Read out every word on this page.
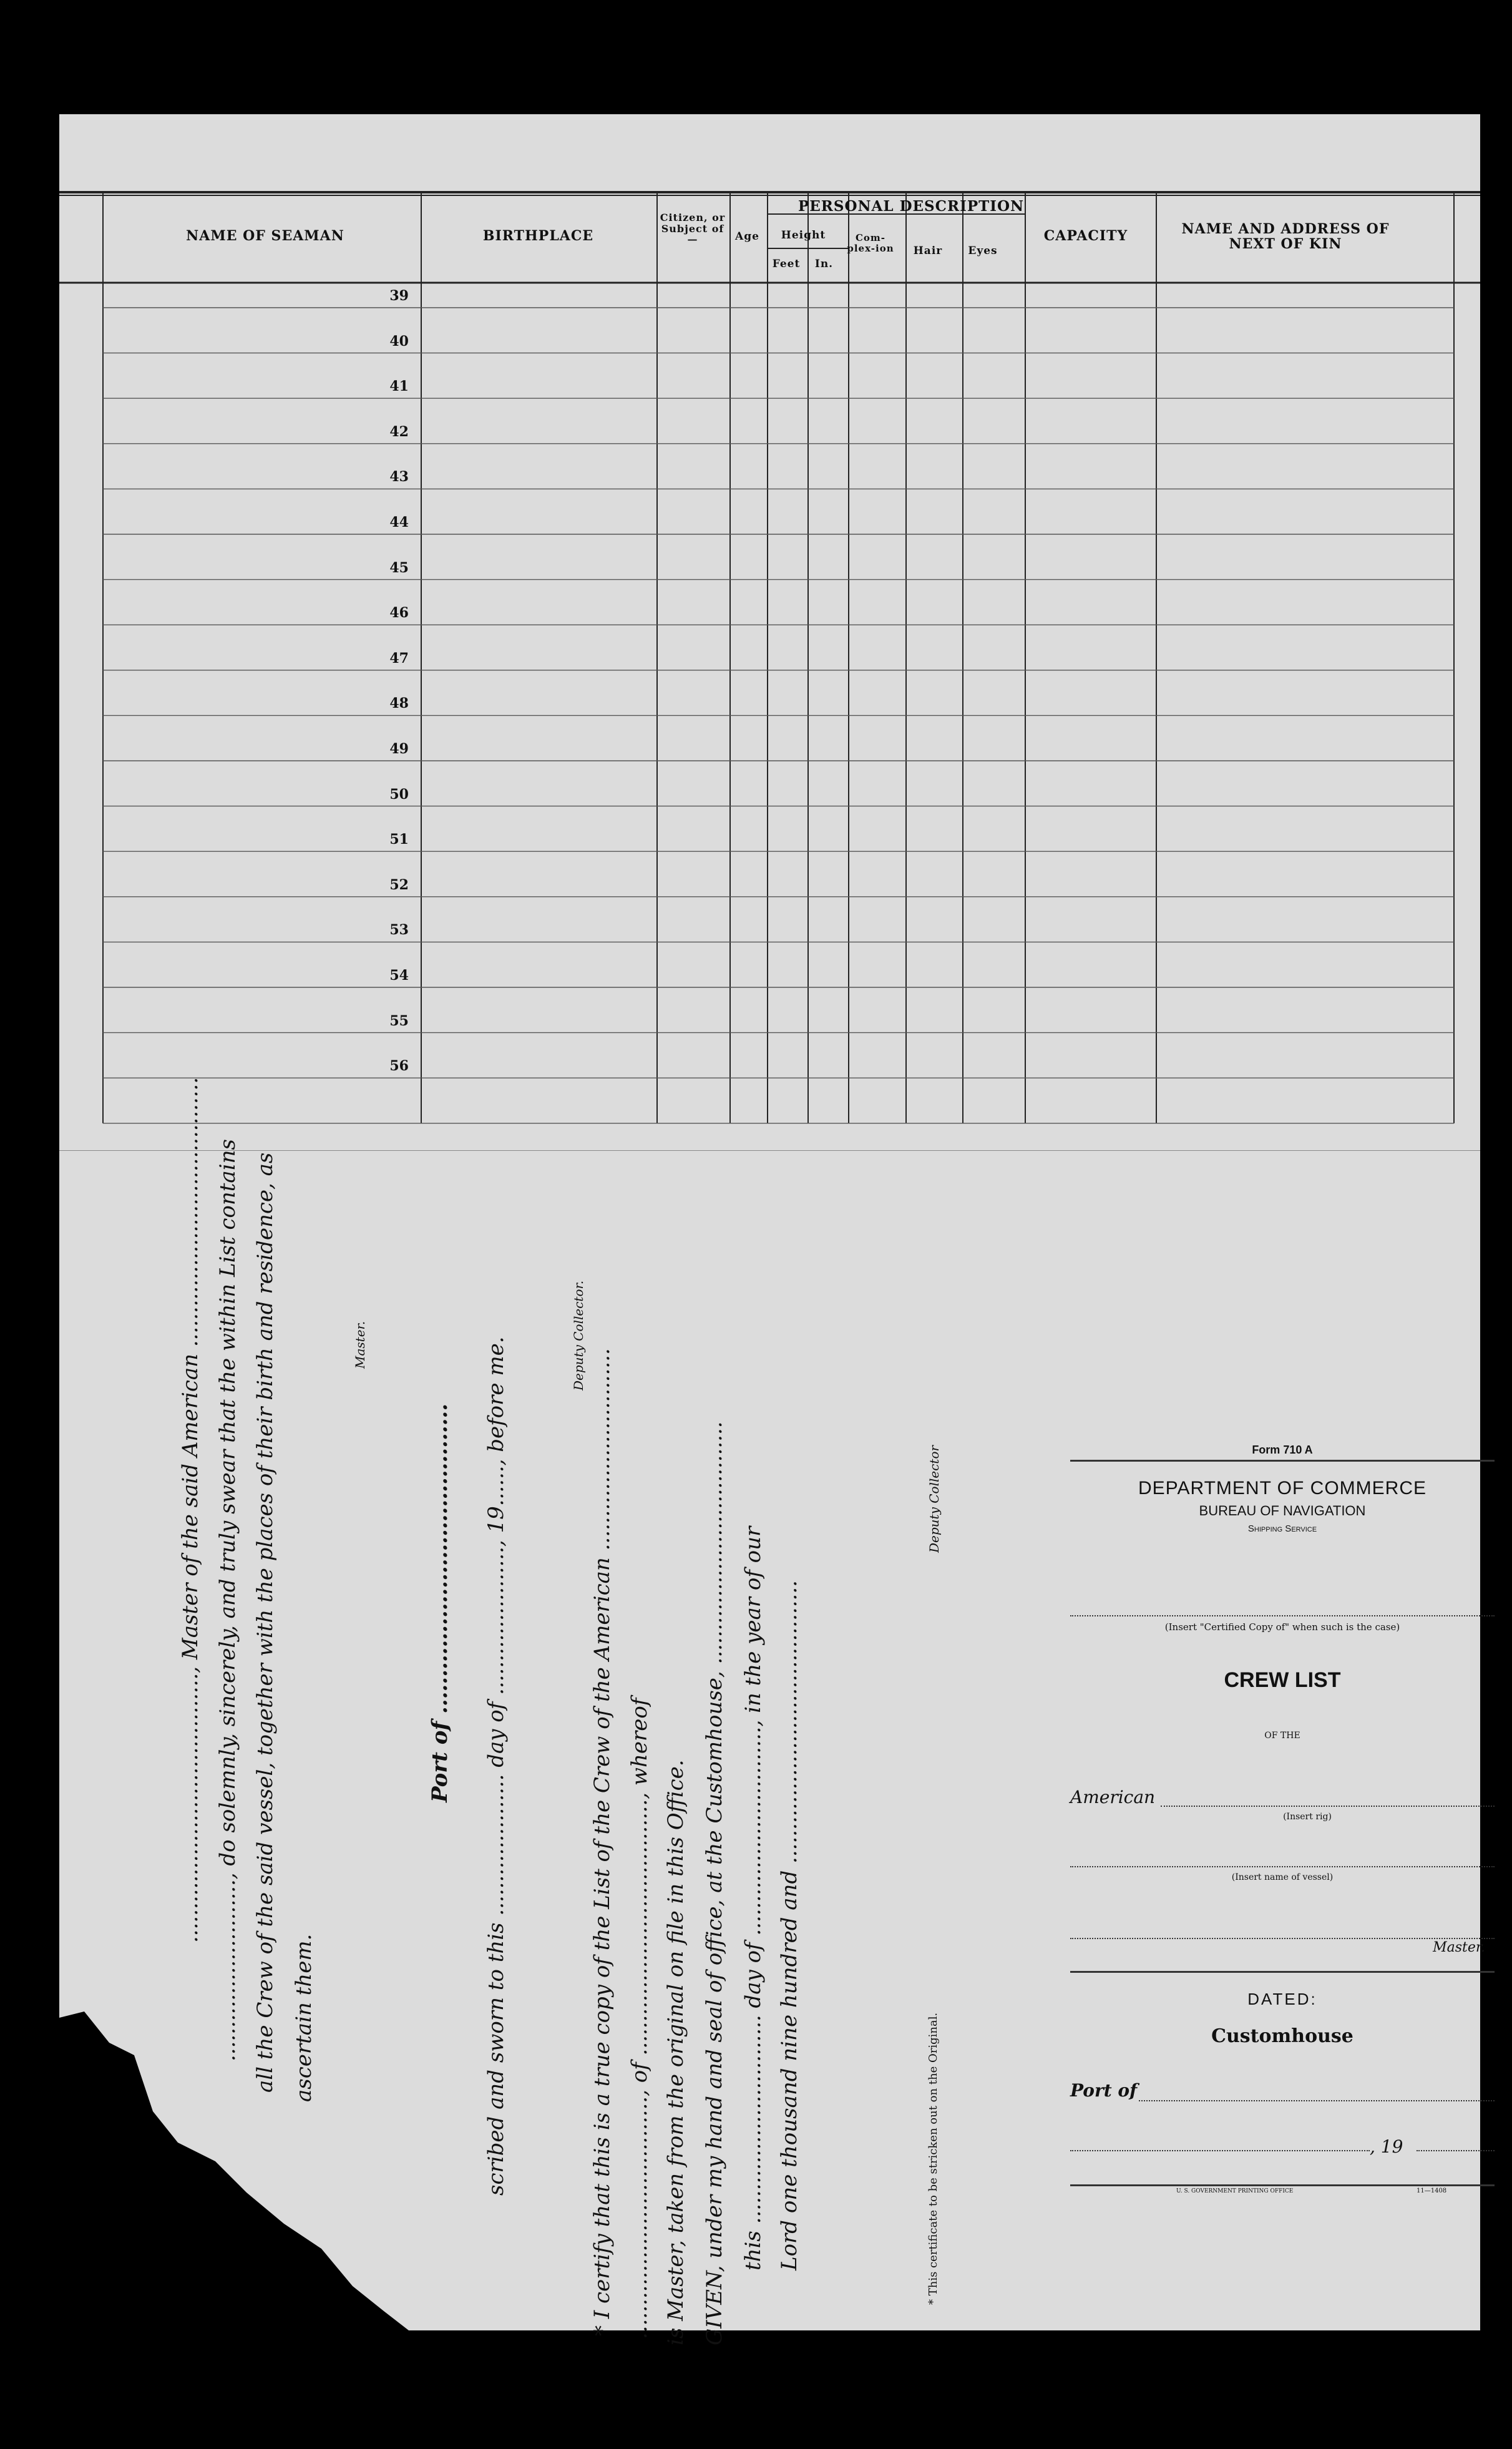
NAME OF SEAMAN	BIRTHPLACE
Citizen, or Subject of—	Age
PERSONAL DESCRIPTION
Height
Feet	In.
Com-plex-ion	Hair	Eyes
CAPACITY	NAME AND ADDRESS OF NEXT OF KIN
39
40
41
42
43
44
45
46
47
48
49
50
51
52
53
54
55
56
........................................, Master of the said American ........................................ ..........................., do solemnly, sincerely, and truly swear that the within List contains all the Crew of the said vessel, together with the places of their birth and residence, as ascertain them.
Master.
Port of .......................................... scribed and sworn to this ..................... day of ......................, 19......, before me.
Deputy Collector.
* I certify that this is a true copy of the List of the Crew of the American .............................. ...................................., of ......................................, whereof is Master, taken from the original on file in this Office. GIVEN, under my hand and seal of office, at the Customhouse, .................................... this ............................... day of ..............................., in the year of our Lord one thousand nine hundred and ..........................................
Deputy Collector
* This certificate to be stricken out on the Original.
Form 710 A
DEPARTMENT OF COMMERCE
BUREAU OF NAVIGATION
Shipping Service
(Insert "Certified Copy of" when such is the case)
CREW LIST
OF THE
American
(Insert rig)
(Insert name of vessel)
Master.
DATED:
Customhouse
Port of
, 19
U. S. GOVERNMENT PRINTING OFFICE	11—1408
